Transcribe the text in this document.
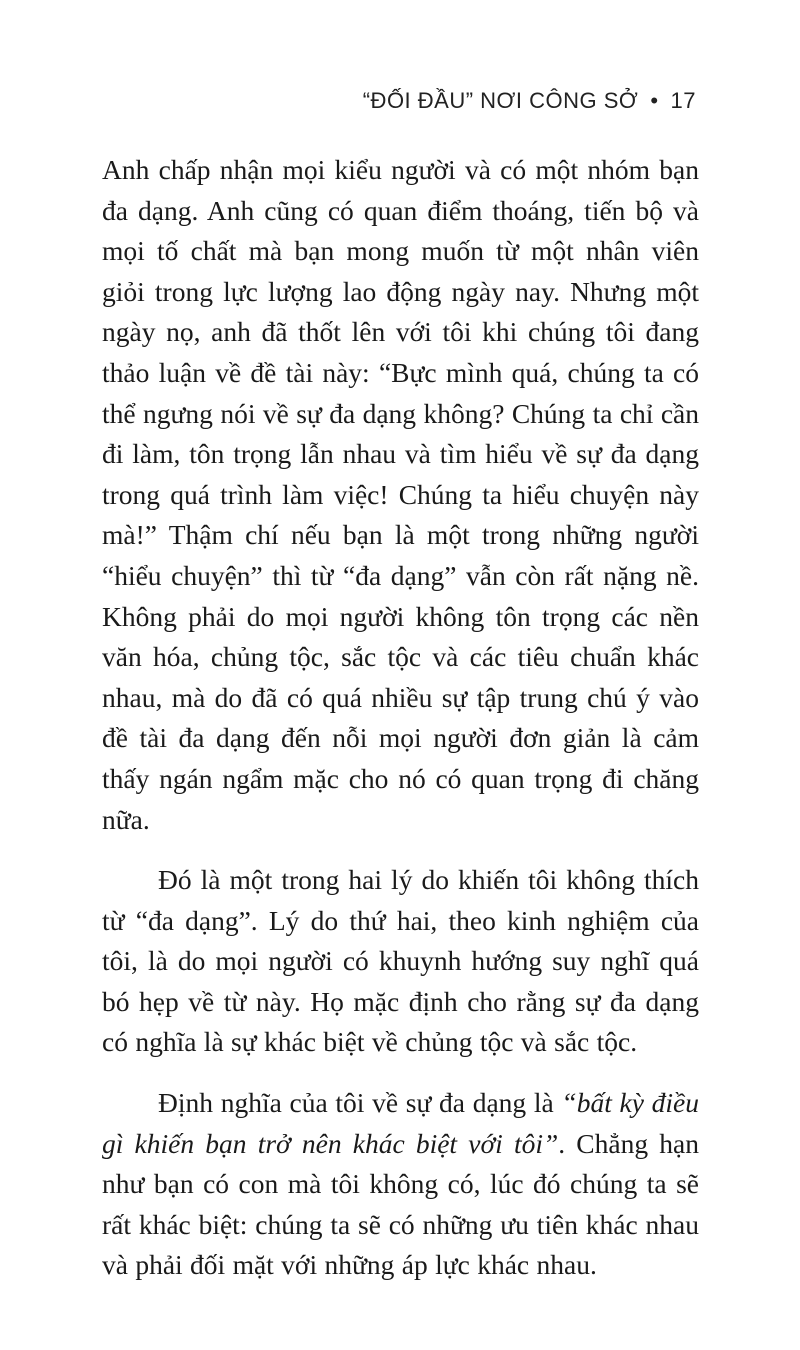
“ĐỐI ĐẦU” NƠI CÔNG SỞ • 17

Anh chấp nhận mọi kiểu người và có một nhóm bạn đa dạng. Anh cũng có quan điểm thoáng, tiến bộ và mọi tố chất mà bạn mong muốn từ một nhân viên giỏi trong lực lượng lao động ngày nay. Nhưng một ngày nọ, anh đã thốt lên với tôi khi chúng tôi đang thảo luận về đề tài này: “Bực mình quá, chúng ta có thể ngưng nói về sự đa dạng không? Chúng ta chỉ cần đi làm, tôn trọng lẫn nhau và tìm hiểu về sự đa dạng trong quá trình làm việc! Chúng ta hiểu chuyện này mà!” Thậm chí nếu bạn là một trong những người “hiểu chuyện” thì từ “đa dạng” vẫn còn rất nặng nề. Không phải do mọi người không tôn trọng các nền văn hóa, chủng tộc, sắc tộc và các tiêu chuẩn khác nhau, mà do đã có quá nhiều sự tập trung chú ý vào đề tài đa dạng đến nỗi mọi người đơn giản là cảm thấy ngán ngẩm mặc cho nó có quan trọng đi chăng nữa.

Đó là một trong hai lý do khiến tôi không thích từ “đa dạng”. Lý do thứ hai, theo kinh nghiệm của tôi, là do mọi người có khuynh hướng suy nghĩ quá bó hẹp về từ này. Họ mặc định cho rằng sự đa dạng có nghĩa là sự khác biệt về chủng tộc và sắc tộc.

Định nghĩa của tôi về sự đa dạng là “bất kỳ điều gì khiến bạn trở nên khác biệt với tôi”. Chẳng hạn như bạn có con mà tôi không có, lúc đó chúng ta sẽ rất khác biệt: chúng ta sẽ có những ưu tiên khác nhau và phải đối mặt với những áp lực khác nhau.
